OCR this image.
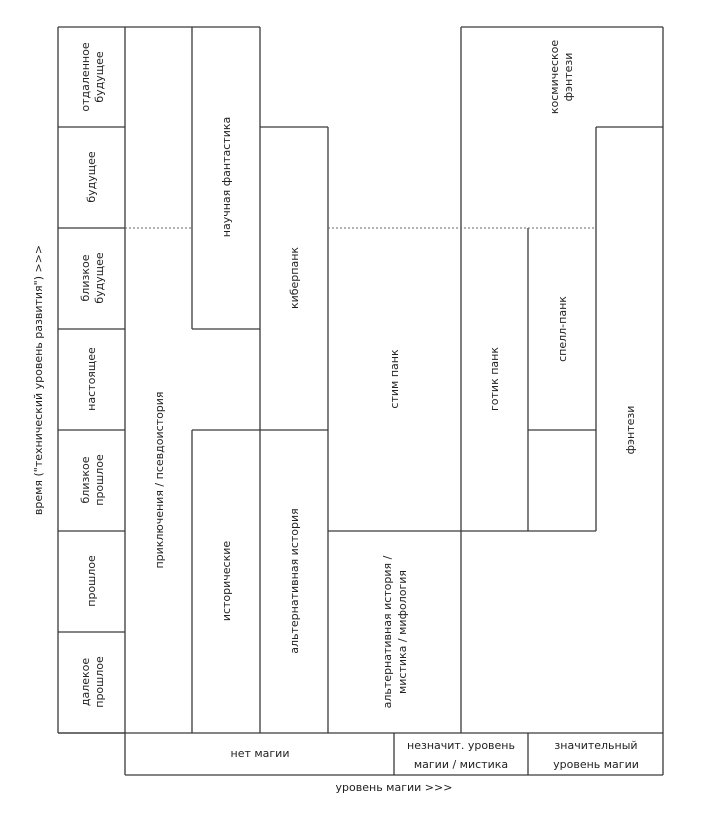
время ("технический уровень развития") >>>
уровень магии >>>
отдаленноебудущее
будущее
близкоебудущее
настоящее
близкоепрошлое
прошлое
далекоепрошлое
приключения / псевдоистория
научная фантастика
исторические
киберпанк
альтернативная история
стим панк
альтернативная история / мистика / мифология
готик панк
спелл-панк
космическоефэнтези
фэнтези
нет магии
незначит. уровень магии / мистика
значительный уровень магии
